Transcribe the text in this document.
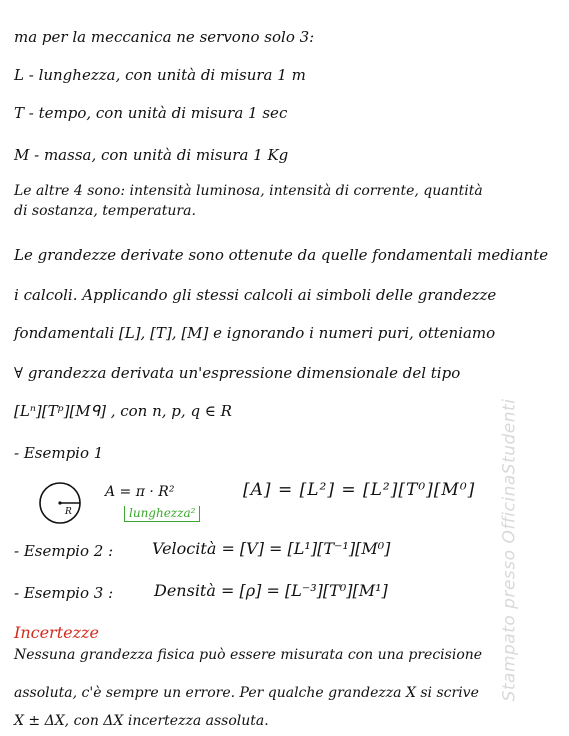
ma per la meccanica ne servono solo 3:
L - lunghezza, con unità di misura 1 m
T - tempo, con unità di misura 1 sec
M - massa, con unità di misura 1 Kg
Le altre 4 sono: intensità luminosa, intensità di corrente, quantità
di sostanza, temperatura.
Le grandezze derivate sono ottenute da quelle fondamentali mediante
i calcoli. Applicando gli stessi calcoli ai simboli delle grandezze
fondamentali [L], [T], [M] e ignorando i numeri puri, otteniamo
∀ grandezza derivata un'espressione dimensionale del tipo
[Lⁿ][Tᵖ][Mᑫ] , con n, p, q ∈ R
- Esempio 1
R
A = π · R²
lunghezza²
[A] = [L²] = [L²][T⁰][M⁰]
- Esempio 2 : Velocità = [V] = [L¹][T⁻¹][M⁰]
- Esempio 3 :	Densità = [ρ] = [L⁻³][T⁰][M¹]
Incertezze
Nessuna grandezza fisica può essere misurata con una precisione
assoluta, c'è sempre un errore. Per qualche grandezza X si scrive
X ± ΔX, con ΔX incertezza assoluta.
Stampato presso OfficinaStudenti
